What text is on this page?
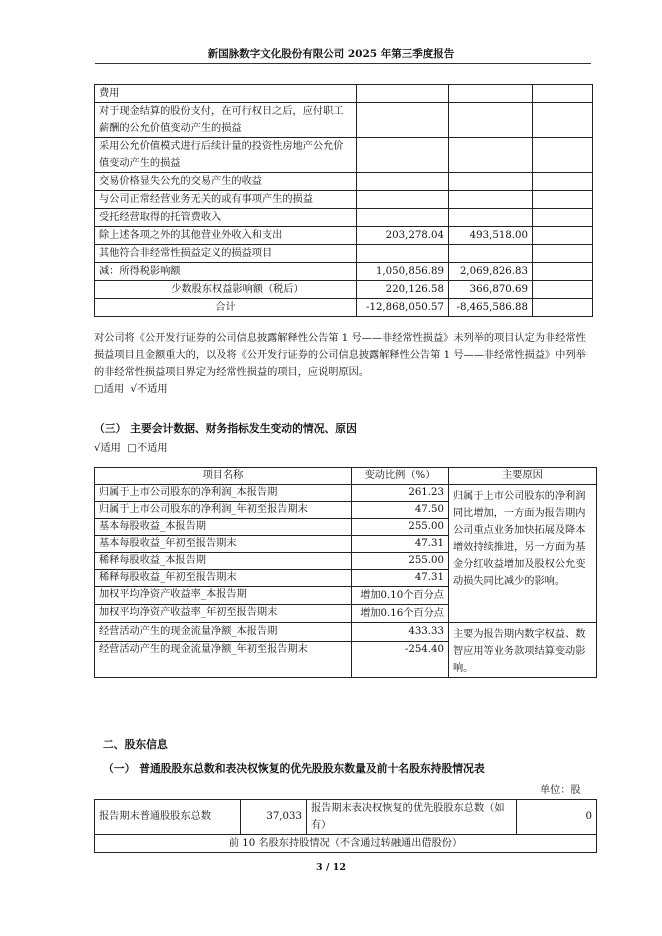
新国脉数字文化股份有限公司 2025 年第三季度报告
费用			
对于现金结算的股份支付，在可行权日之后，应付职工薪酬的公允价值变动产生的损益			
采用公允价值模式进行后续计量的投资性房地产公允价值变动产生的损益			
交易价格显失公允的交易产生的收益			
与公司正常经营业务无关的或有事项产生的损益			
受托经营取得的托管费收入			
除上述各项之外的其他营业外收入和支出	203,278.04	493,518.00	
其他符合非经常性损益定义的损益项目			
减：所得税影响额	1,050,856.89	2,069,826.83	
少数股东权益影响额（税后）	220,126.58	366,870.69	
合计	-12,868,050.57	-8,465,586.88	
对公司将《公开发行证券的公司信息披露解释性公告第 1 号——非经常性损益》未列举的项目认定为非经常性损益项目且金额重大的，以及将《公开发行证券的公司信息披露解释性公告第 1 号——非经常性损益》中列举的非经常性损益项目界定为经常性损益的项目，应说明原因。
□适用 √不适用
（三） 主要会计数据、财务指标发生变动的情况、原因
√适用 □不适用
项目名称	变动比例（%）	主要原因
归属于上市公司股东的净利润_本报告期	261.23	归属于上市公司股东的净利润同比增加，一方面为报告期内公司重点业务加快拓展及降本增效持续推进，另一方面为基金分红收益增加及股权公允变动损失同比减少的影响。
归属于上市公司股东的净利润_年初至报告期末	47.50	
基本每股收益_本报告期	255.00	
基本每股收益_年初至报告期末	47.31	
稀释每股收益_本报告期	255.00	
稀释每股收益_年初至报告期末	47.31	
加权平均净资产收益率_本报告期	增加0.10个百分点	
加权平均净资产收益率_年初至报告期末	增加0.16个百分点	
经营活动产生的现金流量净额_本报告期	433.33	主要为报告期内数字权益、数智应用等业务款项结算变动影响。
经营活动产生的现金流量净额_年初至报告期末	-254.40	
二、股东信息
（一） 普通股股东总数和表决权恢复的优先股股东数量及前十名股东持股情况表
单位：股
报告期末普通股股东总数	37,033	报告期末表决权恢复的优先股股东总数（如有）	0
前 10 名股东持股情况（不含通过转融通出借股份）
3 / 12
